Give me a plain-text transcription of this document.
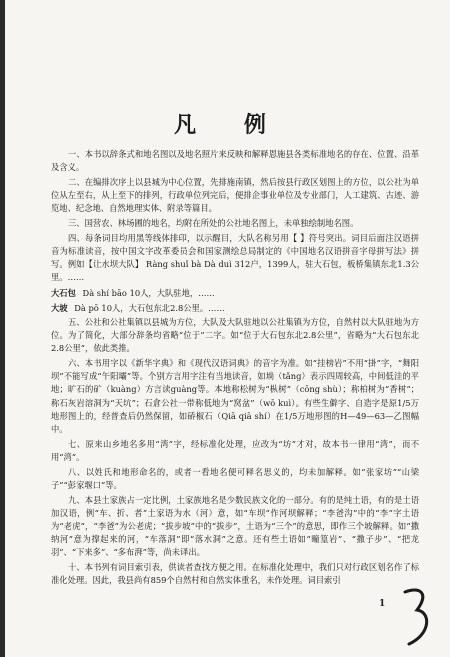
凡 例

一、本书以辞条式和地名图以及地名照片来反映和解释恩施县各类标准地名的存在、位置、沿革及含义。

二、在编排次序上以县城为中心位置，先排施南镇，然后按县行政区划图上的方位，以公社为单位从左至右，从上至下的排列，行政单位列完后，便排企事业单位及专业部门，人工建筑、古迹、游览地、纪念地、自然地理实体、附录等篇目。

三、国营农、林场圃的地名，均附在所处的公社地名图上，未单独绘制地名图。

四、每条词目均用黑等线体排印，以示醒目，大队名称另用【 】符号突出。词目后面注汉语拼音为标准读音，按中国文字改革委员会和国家测绘总局制定的《中国地名汉语拼音字母拼写法》拼写。例如【让水坝大队】 Ràng shuǐ bà Dà duì 312户，1399人，驻大石包，板桥集镇东北1.3公里。……

大石包 Dà shí bāo 10人，大队驻地，……

大坡 Dà pō 10人，大石包东北2.8公里。……

五、公社和公社集镇以县城为方位，大队及大队驻地以公社集镇为方位，自然村以大队驻地为方位。为了简化，大部分辞条均省略“位于”二字。如“位于大石包东北2.8公里”，省略为“大石包东北2.8公里”，依此类推。

六、本书用字以《新华字典》和《现代汉语词典》的音字为准。如“挂榜岩”不用“掛”字，“舞阳坝”不能写成“午阳壩”等。个别方言用字注有当地读音，如埫（tǎng）表示四周较高，中间低洼的平地；旷石的矿（kuàng）方言读guàng等。本地称松树为“枞树”（cōng shù）；称柏树为“香树”；称石灰岩溶洞为“天坑”；石倉公社一带称低地为“窝盆”（wō kuì）。有些生僻字、自造字是原1/5万地形图上的，经普查后仍然保留，如硚椒石（Qiā qiā shí）在1/5万地形图的H—49—63—乙图幅中。

七、原来山乡地名多用“湾”字，经标准化处理，应改为“坊”才对，故本书一律用“湾”，而不用“湾”。

八、以姓氏和地形命名的，或者一看地名便可释名思义的，均未加解释。如“张家坊”“山梁子”“彭家堰口”等。

九、本县土家族占一定比例，土家族地名是少数民族文化的一部分。有的是纯土语，有的是土语加汉语，例“车、折、者”土家语为水（河）意，如“车坝”作河坝解释；“李爸沟”中的“李”字土语为“老虎”，“李爸”为公老虎；“拔步坡”中的“拔步”，土语为“三个”的意思，即作三个坡解释。如“撒纳河”意为撑起来的河，“车落洞”即“落水洞”之意。还有些土语如“疃篁岩”、“撒子步”、“把龙羽”、“下来多”、“多布湃”等，尚未译出。

十、本书列有词目索引表，供读者查找方便之用。在标准化处理中，我们只对行政区划名作了标准化处理。因此，我县尚有859个自然村和自然实体重名，未作处理。词目索引

1
